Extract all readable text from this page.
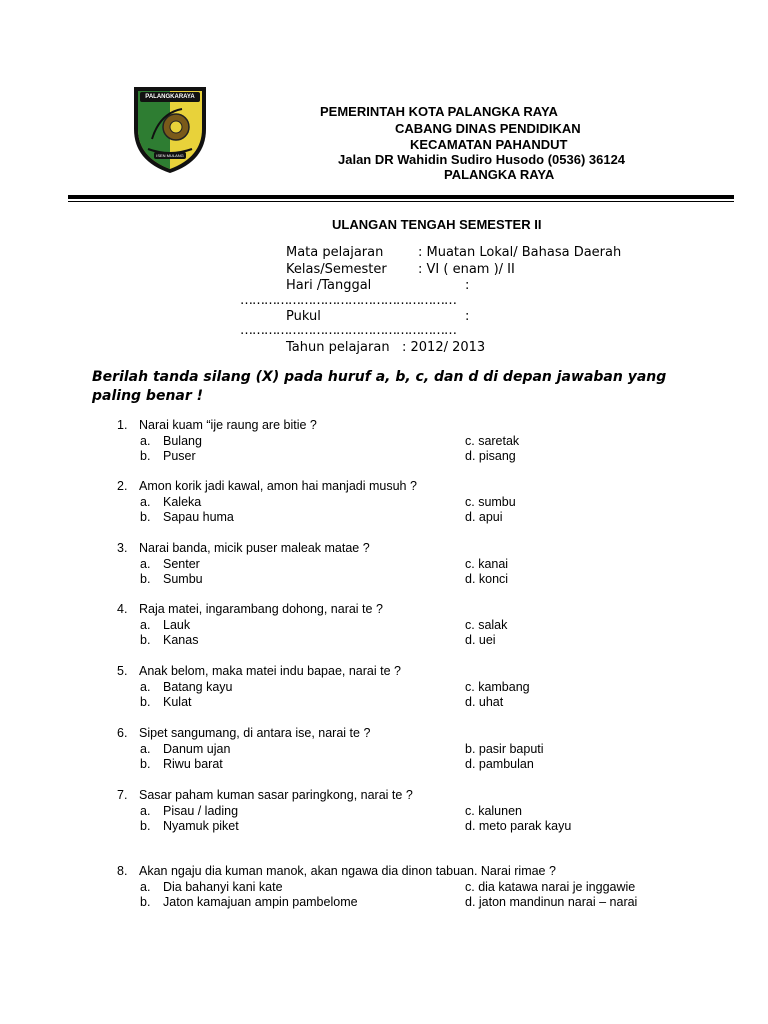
PALANGKARAYA
ISEN MULANG
PEMERINTAH KOTA PALANGKA RAYA
CABANG DINAS PENDIDIKAN
KECAMATAN PAHANDUT
Jalan DR Wahidin Sudiro Husodo (0536) 36124
PALANGKA RAYA
ULANGAN TENGAH SEMESTER II
Mata pelajaran	: Muatan Lokal/ Bahasa Daerah
Kelas/Semester : VI ( enam )/ II
Hari /Tanggal	:
………………………………………………
Pukul	:
………………………………………………
Tahun pelajaran : 2012/ 2013
Berilah tanda silang (X) pada huruf a, b, c, dan d di depan jawaban yang paling benar !
1. Narai kuam “ije raung are bitie ?
a. Bulang	c. saretak
b. Puser	d. pisang
2. Amon korik jadi kawal, amon hai manjadi musuh ?
a. Kaleka	c. sumbu
b. Sapau huma	d. apui
3. Narai banda, micik puser maleak matae ?
a. Senter	c. kanai
b. Sumbu	d. konci
4. Raja matei, ingarambang dohong, narai te ?
a. Lauk	c. salak
b. Kanas	d. uei
5. Anak belom, maka matei indu bapae, narai te ?
a. Batang kayu	c. kambang
b. Kulat	d. uhat
6. Sipet sangumang, di antara ise, narai te ?
a. Danum ujan	b. pasir baputi
b. Riwu barat	d. pambulan
7. Sasar paham kuman sasar paringkong, narai te ?
a. Pisau / lading	c. kalunen
b. Nyamuk piket	d. meto parak kayu
8. Akan ngaju dia kuman manok, akan ngawa dia dinon tabuan. Narai rimae ?
a. Dia bahanyi kani kate	c. dia katawa narai je inggawie
b. Jaton kamajuan ampin pambelome	d. jaton mandinun narai – narai
